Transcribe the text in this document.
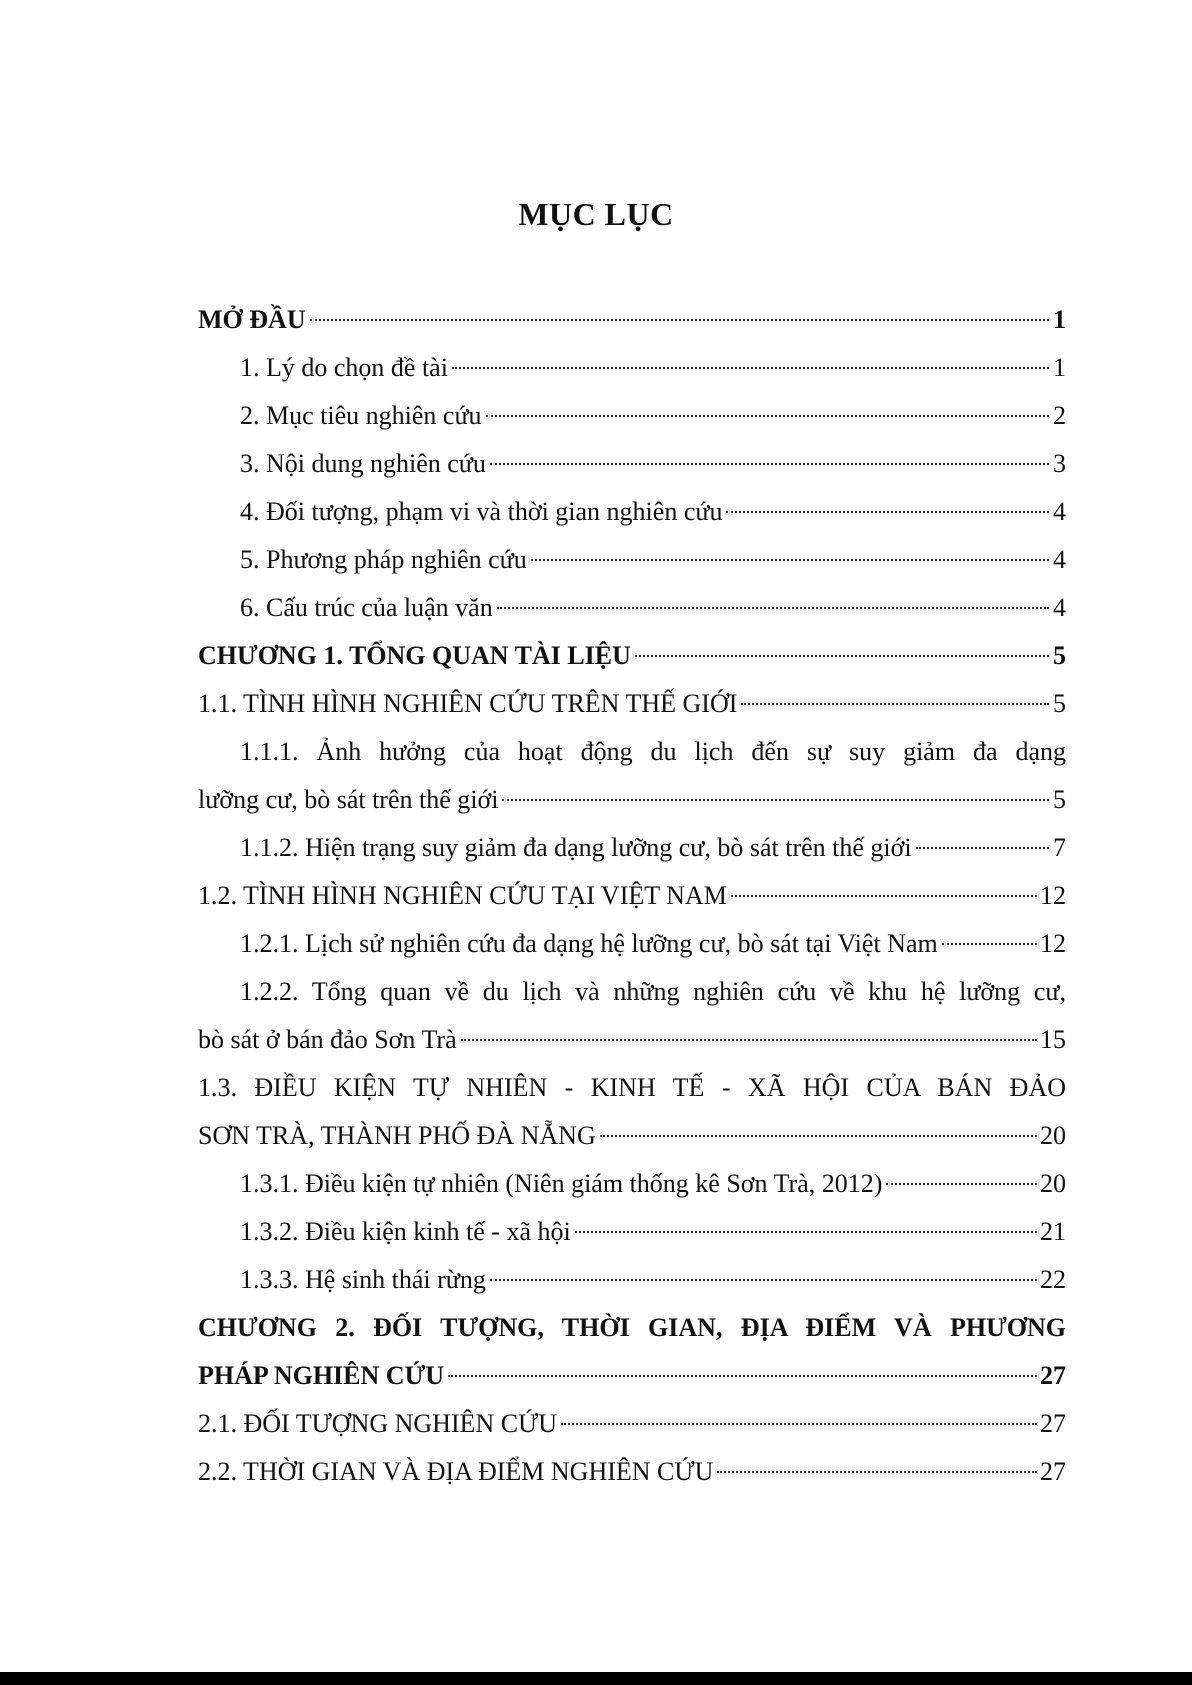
MỤC LỤC
MỞ ĐẦU	1
1. Lý do chọn đề tài	1
2. Mục tiêu nghiên cứu	2
3. Nội dung nghiên cứu	3
4. Đối tượng, phạm vi và thời gian nghiên cứu	4
5. Phương pháp nghiên cứu	4
6. Cấu trúc của luận văn	4
CHƯƠNG 1. TỔNG QUAN TÀI LIỆU	5
1.1. TÌNH HÌNH NGHIÊN CỨU TRÊN THẾ GIỚI	5
1.1.1. Ảnh hưởng của hoạt động du lịch đến sự suy giảm đa dạng
lưỡng cư, bò sát trên thế giới	5
1.1.2. Hiện trạng suy giảm đa dạng lưỡng cư, bò sát trên thế giới	7
1.2. TÌNH HÌNH NGHIÊN CỨU TẠI VIỆT NAM	12
1.2.1. Lịch sử nghiên cứu đa dạng hệ lưỡng cư, bò sát tại Việt Nam	12
1.2.2. Tổng quan về du lịch và những nghiên cứu về khu hệ lưỡng cư,
bò sát ở bán đảo Sơn Trà	15
1.3. ĐIỀU KIỆN TỰ NHIÊN - KINH TẾ - XÃ HỘI CỦA BÁN ĐẢO
SƠN TRÀ, THÀNH PHỐ ĐÀ NẴNG	20
1.3.1. Điều kiện tự nhiên (Niên giám thống kê Sơn Trà, 2012)	20
1.3.2. Điều kiện kinh tế - xã hội	21
1.3.3. Hệ sinh thái rừng	22
CHƯƠNG 2. ĐỐI TƯỢNG, THỜI GIAN, ĐỊA ĐIỂM VÀ PHƯƠNG
PHÁP NGHIÊN CỨU	27
2.1. ĐỐI TƯỢNG NGHIÊN CỨU	27
2.2. THỜI GIAN VÀ ĐỊA ĐIỂM NGHIÊN CỨU	27
